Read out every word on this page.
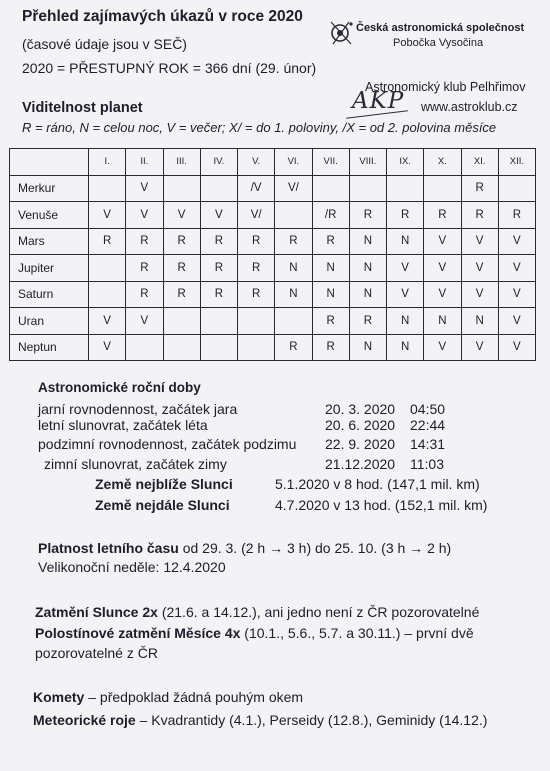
Přehled zajímavých úkazů v roce 2020
(časové údaje jsou v SEČ)
2020 = PŘESTUPNÝ ROK = 366 dní (29. únor)
Česká astronomická společnost
Pobočka Vysočina
Astronomický klub Pelhřimov
AKP www.astroklub.cz
Viditelnost planet
R = ráno, N = celou noc, V = večer; X/ = do 1. poloviny, /X = od 2. polovina měsíce
	I.	II.	III.	IV.	V.	VI.	VII.	VIII.	IX.	X.	XI.	XII.
Merkur		V			/V	V/					R	
Venuše	V	V	V	V	V/		/R	R	R	R	R	R
Mars	R	R	R	R	R	R	R	N	N	V	V	V
Jupiter		R	R	R	R	N	N	N	V	V	V	V
Saturn		R	R	R	R	N	N	N	V	V	V	V
Uran	V	V					R	R	N	N	N	V
Neptun	V					R	R	N	N	V	V	V
Astronomické roční doby
jarní rovnodennost, začátek jara	20. 3. 2020 04:50
letní slunovrat, začátek léta	20. 6. 2020 22:44
podzimní rovnodennost, začátek podzimu 22. 9. 2020 14:31
zimní slunovrat, začátek zimy	21.12.2020 11:03
Země nejblíže Slunci	5.1.2020 v 8 hod. (147,1 mil. km)
Země nejdále Slunci	4.7.2020 v 13 hod. (152,1 mil. km)
Platnost letního času od 29. 3. (2 h → 3 h) do 25. 10. (3 h → 2 h)
Velikonoční neděle: 12.4.2020
Zatmění Slunce 2x (21.6. a 14.12.), ani jedno není z ČR pozorovatelné
Polostínové zatmění Měsíce 4x (10.1., 5.6., 5.7. a 30.11.) – první dvě
pozorovatelné z ČR
Komety – předpoklad žádná pouhým okem
Meteorické roje – Kvadrantidy (4.1.), Perseidy (12.8.), Geminidy (14.12.)
